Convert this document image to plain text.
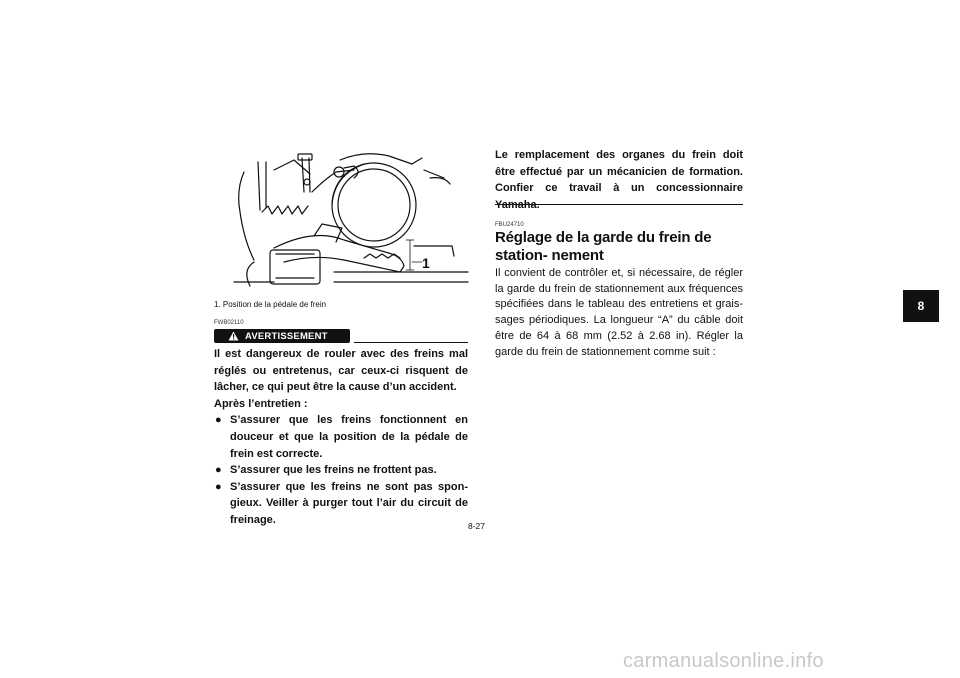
1
1. Position de la pédale de frein
FWB02110
AVERTISSEMENT

Il est dangereux de rouler avec des freins mal réglés ou entretenus, car ceux-ci risquent de lâcher, ce qui peut être la cause d’un accident.

Après l’entretien :

● S’assurer que les freins fonctionnent en douceur et que la position de la pédale de frein est correcte.
● S’assurer que les freins ne frottent pas.
● S’assurer que les freins ne sont pas spon- gieux. Veiller à purger tout l’air du circuit de freinage.
Le remplacement des organes du frein doit être effectué par un mécanicien de formation. Confier ce travail à un concessionnaire Yamaha.
FBU24710
Réglage de la garde du frein de station- nement
Il convient de contrôler et, si nécessaire, de régler la garde du frein de stationnement aux fréquences spécifiées dans le tableau des entretiens et grais- sages périodiques. La longueur “A” du câble doit être de 64 à 68 mm (2.52 à 2.68 in). Régler la garde du frein de stationnement comme suit :
8
8-27
carmanualsonline.info
